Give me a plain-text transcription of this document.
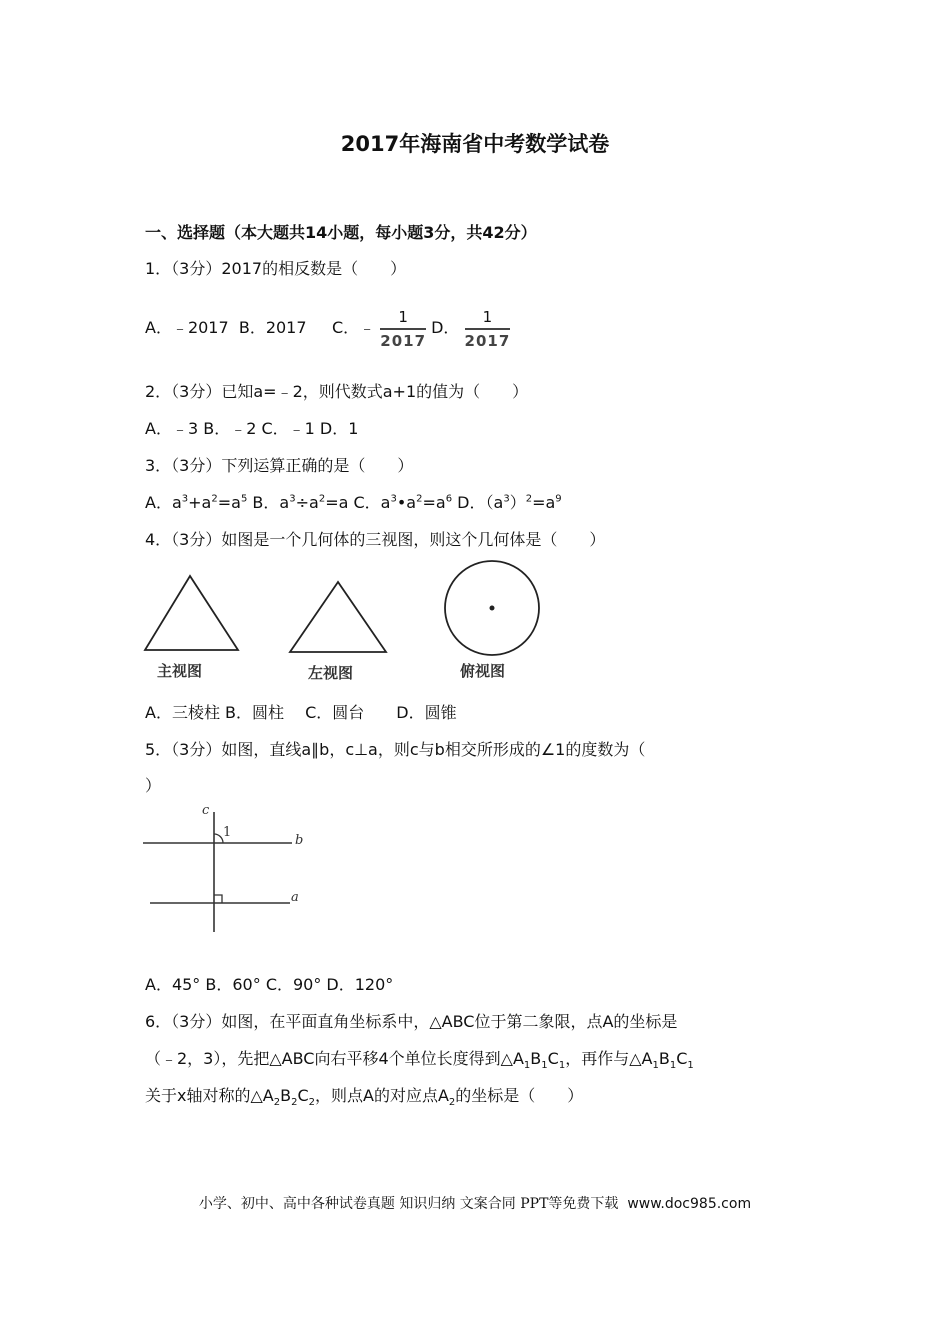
2017年海南省中考数学试卷
一、选择题（本大题共14小题，每小题3分，共42分）
1．（3分）2017的相反数是（　　）
A．﹣2017 B．2017 C．﹣ $\frac{1}{2017}$ D． $\frac{1}{2017}$
2．（3分）已知a=﹣2，则代数式a+1的值为（　　）
A．﹣3 B．﹣2 C．﹣1 D．1
3．（3分）下列运算正确的是（　　）
A．$a^3+a^2=a^5$ B．$a^3\div a^2=a$ C．$a^3•a^2=a^6$ D．$(a^3)^2=a^9$
4．（3分）如图是一个几何体的三视图，则这个几何体是（　　）
主视图	左视图	俯视图
A．三棱柱 B．圆柱　 C．圆台　　D．圆锥
5．（3分）如图，直线a∥b，c⊥a，则c与b相交所形成的∠1的度数为（
）
c
1
b
a
A．45° B．60° C．90° D．120°
6．（3分）如图，在平面直角坐标系中，△ABC位于第二象限，点A的坐标是
（﹣2，3），先把△ABC向右平移4个单位长度得到$\triangle A_1B_1C_1$，再作与$\triangle A_1B_1C_1$
关于x轴对称的$\triangle A_2B_2C_2$，则点A的对应点$A_2$的坐标是（　　）
小学、初中、高中各种试卷真题 知识归纳 文案合同 PPT等免费下载 www.doc985.com
